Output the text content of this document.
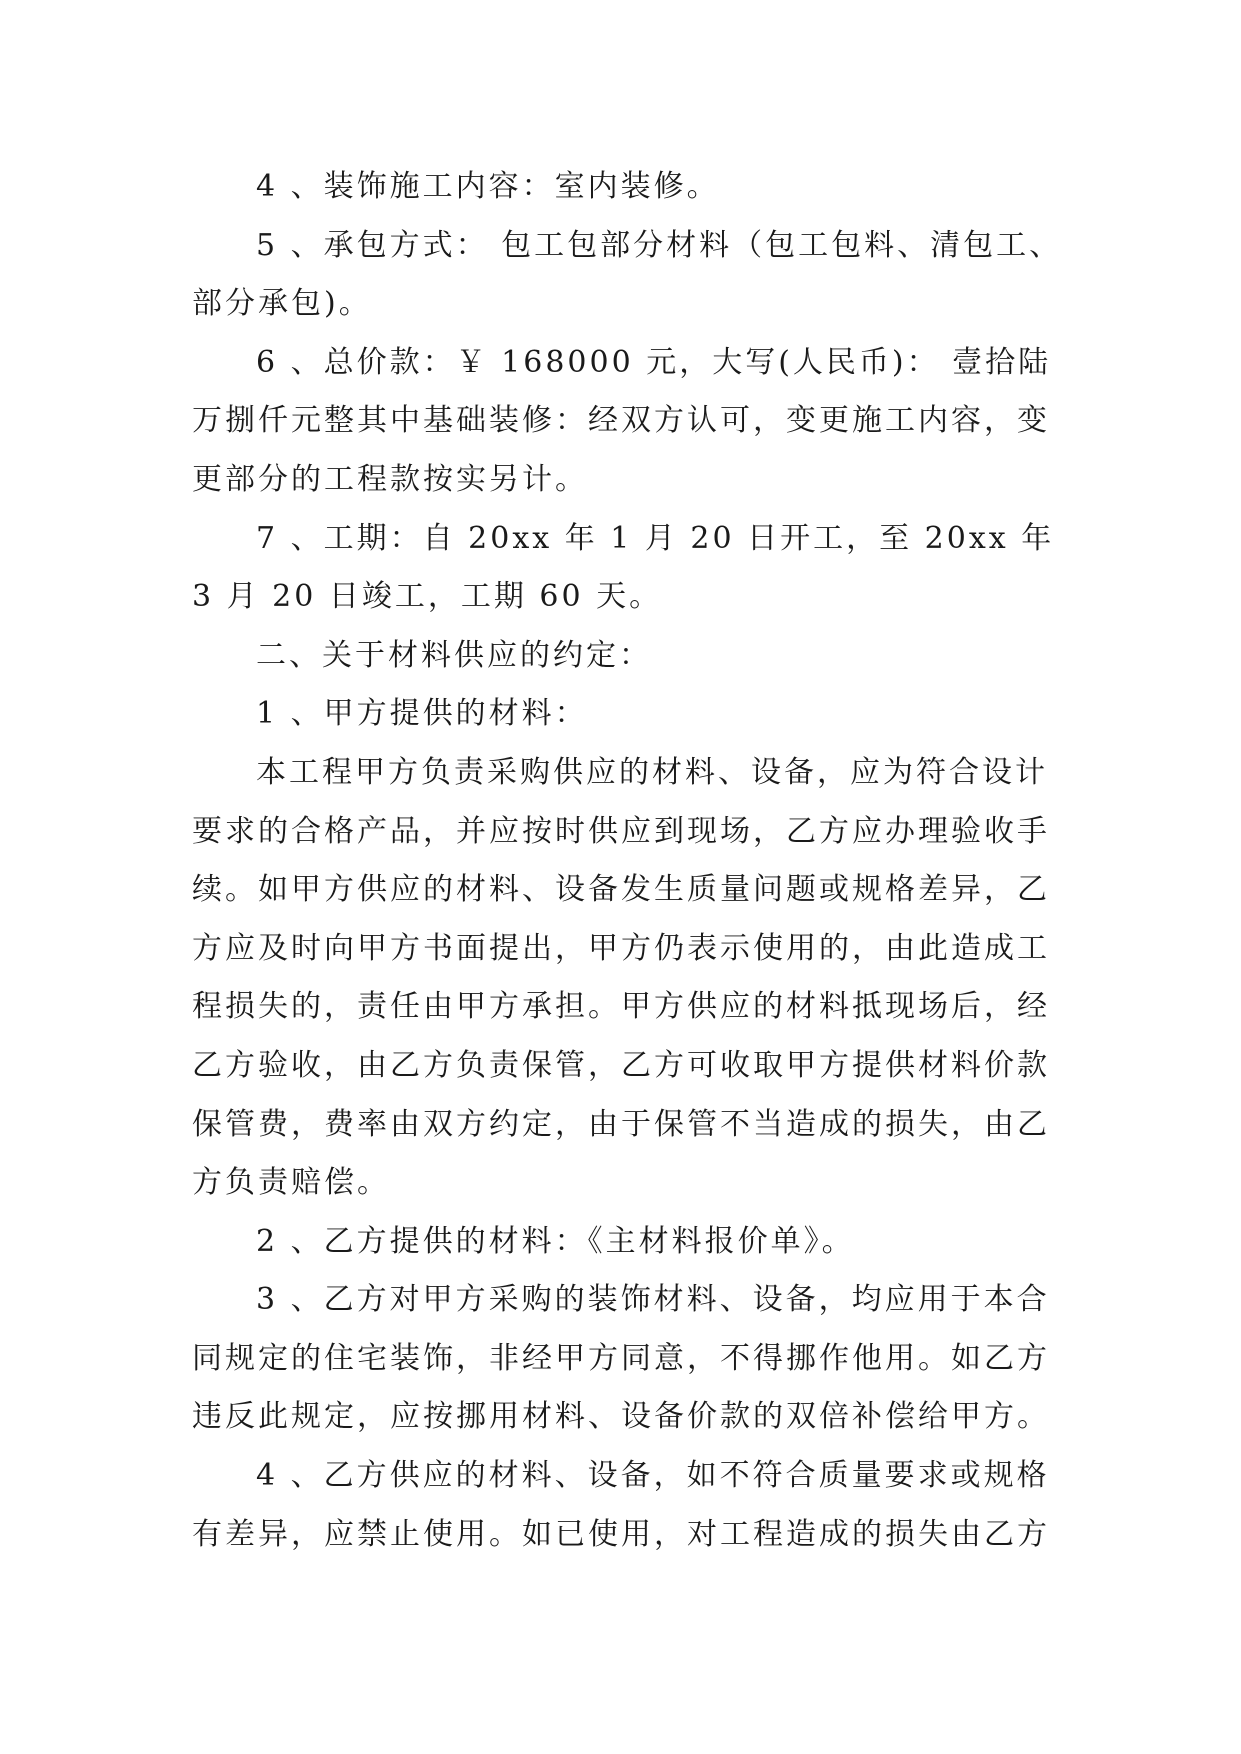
4 、装饰施工内容：室内装修。

5 、承包方式： 包工包部分材料（包工包料、清包工、部分承包)。

6 、总价款：￥ 168000 元，大写(人民币)： 壹拾陆万捌仟元整其中基础装修：经双方认可，变更施工内容，变更部分的工程款按实另计。

7 、工期：自 20xx 年 1 月 20 日开工，至 20xx 年 3 月 20 日竣工，工期 60 天。

二、关于材料供应的约定：

1 、甲方提供的材料：

本工程甲方负责采购供应的材料、设备，应为符合设计要求的合格产品，并应按时供应到现场，乙方应办理验收手续。如甲方供应的材料、设备发生质量问题或规格差异，乙方应及时向甲方书面提出，甲方仍表示使用的，由此造成工程损失的，责任由甲方承担。甲方供应的材料抵现场后，经乙方验收，由乙方负责保管，乙方可收取甲方提供材料价款保管费，费率由双方约定，由于保管不当造成的损失，由乙方负责赔偿。

2 、乙方提供的材料：《主材料报价单》。

3 、乙方对甲方采购的装饰材料、设备，均应用于本合同规定的住宅装饰，非经甲方同意，不得挪作他用。如乙方违反此规定，应按挪用材料、设备价款的双倍补偿给甲方。

4 、乙方供应的材料、设备，如不符合质量要求或规格有差异，应禁止使用。如已使用，对工程造成的损失由乙方
